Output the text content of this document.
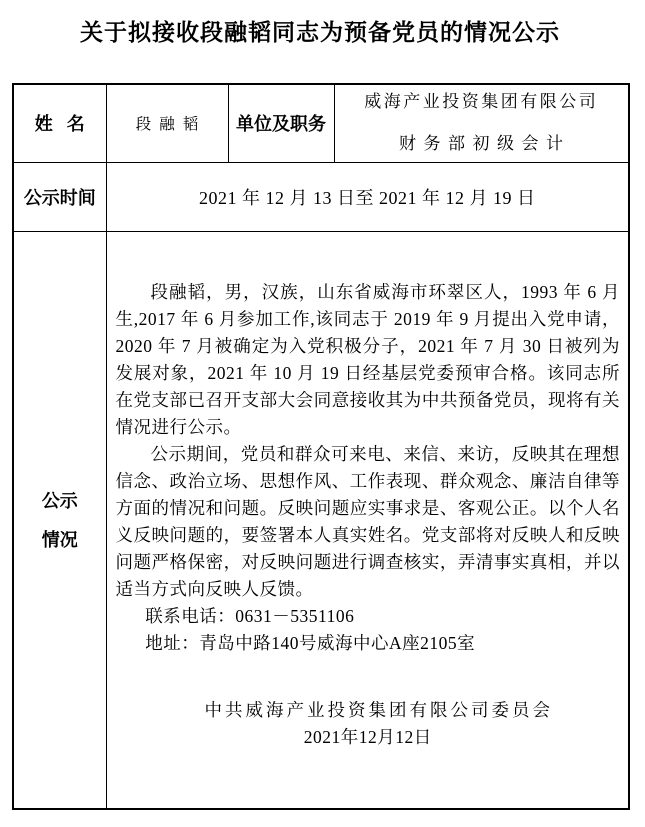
关于拟接收段融韬同志为预备党员的情况公示
姓 名	段融韬	单位及职务	威海产业投资集团有限公司
财务部初级会计

公示时间	2021 年 12 月 13 日至 2021 年 12 月 19 日		

公示
情况

段融韬，男，汉族，山东省威海市环翠区人，1993 年 6 月生,2017 年 6 月参加工作,该同志于 2019 年 9 月提出入党申请，2020 年 7 月被确定为入党积极分子，2021 年 7 月 30 日被列为发展对象，2021 年 10 月 19 日经基层党委预审合格。该同志所在党支部已召开支部大会同意接收其为中共预备党员，现将有关情况进行公示。

公示期间，党员和群众可来电、来信、来访，反映其在理想信念、政治立场、思想作风、工作表现、群众观念、廉洁自律等方面的情况和问题。反映问题应实事求是、客观公正。以个人名义反映问题的，要签署本人真实姓名。党支部将对反映人和反映问题严格保密，对反映问题进行调查核实，弄清事实真相，并以适当方式向反映人反馈。

联系电话：0631－5351106

地址：青岛中路140号威海中心A座2105室

中共威海产业投资集团有限公司委员会

2021年12月12日
